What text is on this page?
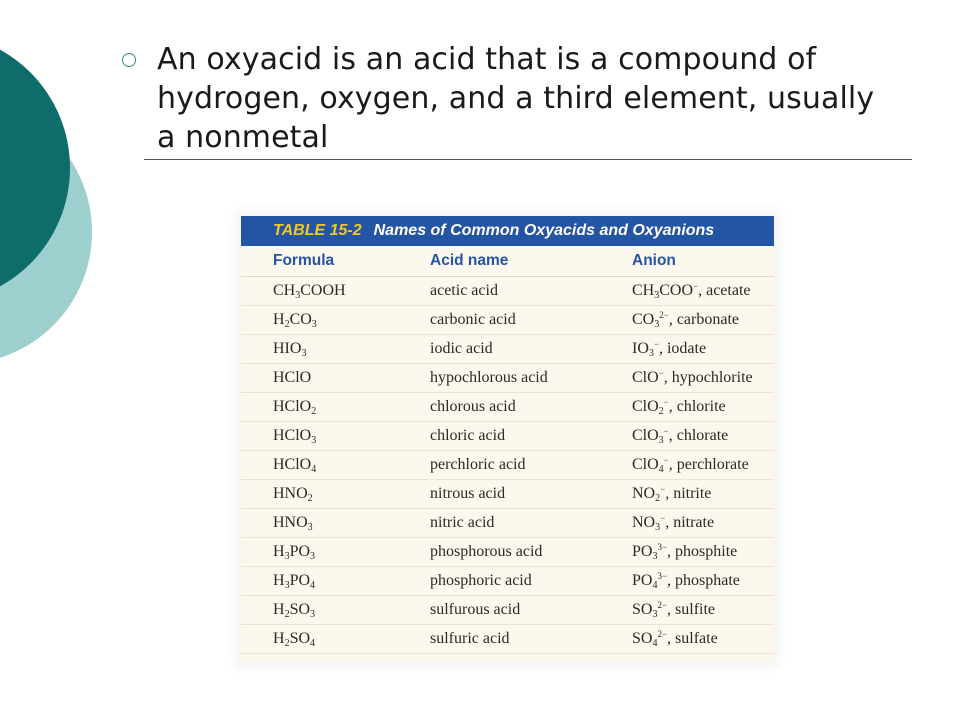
An oxyacid is an acid that is a compound of hydrogen, oxygen, and a third element, usually a nonmetal
TABLE 15-2 Names of Common Oxyacids and Oxyanions
Formula	Acid name	Anion
$CH_3COOH$	acetic acid	$CH_3COO^-$, acetate
$H_2CO_3$	carbonic acid	$CO_3^{2-}$, carbonate
$HIO_3$	iodic acid	$IO_3^-$, iodate
HClO	hypochlorous acid	ClO−, hypochlorite
HClO$_2$	chlorous acid	ClO$_2$−, chlorite
HClO$_3$	chloric acid	ClO$_3$−, chlorate
HClO$_4$	perchloric acid	ClO$_4$−, perchlorate
$HNO_2$	nitrous acid	$NO_2^-$, nitrite
$HNO_3$	nitric acid	$NO_3^-$, nitrate
$H_3PO_3$	phosphorous acid	$PO_3^{3-}$, phosphite
$H_3PO_4$	phosphoric acid	$PO_4^{3-}$, phosphate
$H_2SO_3$	sulfurous acid	$SO_3^{2-}$, sulfite
$H_2SO_4$	sulfuric acid	$SO_4^{2-}$, sulfate
